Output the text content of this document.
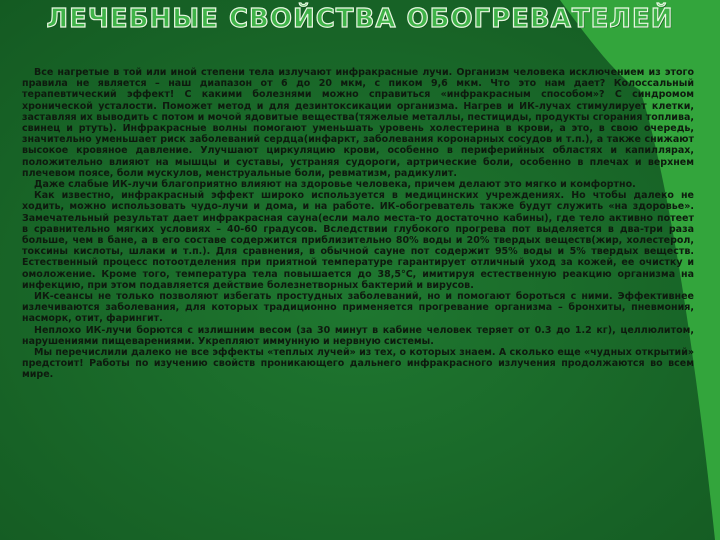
ЛЕЧЕБНЫЕ СВОЙСТВА ОБОГРЕВАТЕЛЕЙ

Все нагретые в той или иной степени тела излучают инфракрасные лучи. Организм человека исключением из этого правила не является – наш диапазон от 6 до 20 мкм, с пиком 9,6 мкм. Что это нам дает? Колоссальный терапевтический эффект! С какими болезнями можно справиться «инфракрасным способом»? С синдромом хронической усталости. Поможет метод и для дезинтоксикации организма. Нагрев и ИК-лучах стимулирует клетки, заставляя их выводить с потом и мочой ядовитые вещества(тяжелые металлы, пестициды, продукты сгорания топлива, свинец и ртуть). Инфракрасные волны помогают уменьшать уровень холестерина в крови, а это, в свою очередь, значительно уменьшает риск заболеваний сердца(инфаркт, заболевания коронарных сосудов и т.п.), а также снижают высокое кровяное давление. Улучшают циркуляцию крови, особенно в периферийных областях и капиллярах, положительно влияют на мышцы и суставы, устраняя судороги, артрические боли, особенно в плечах и верхнем плечевом поясе, боли мускулов, менструальные боли, ревматизм, радикулит.

Даже слабые ИК-лучи благоприятно влияют на здоровье человека, причем делают это мягко и комфортно.

Как известно, инфракрасный эффект широко используется в медицинских учреждениях. Но чтобы далеко не ходить, можно использовать чудо-лучи и дома, и на работе. ИК-обогреватель также будут служить «на здоровье». Замечательный результат дает инфракрасная сауна(если мало места-то достаточно кабины), где тело активно потеет в сравнительно мягких условиях – 40-60 градусов. Вследствии глубокого прогрева пот выделяется в два-три раза больше, чем в бане, а в его составе содержится приблизительно 80% воды и 20% твердых веществ(жир, холестерол, токсины кислоты, шлаки и т.п.). Для сравнения, в обычной сауне пот содержит 95% воды и 5% твердых веществ. Естественный процесс потоотделения при приятной температуре гарантирует отличный уход за кожей, ее очистку и омоложение. Кроме того, температура тела повышается до 38,5°С, имитируя естественную реакцию организма на инфекцию, при этом подавляется действие болезнетворных бактерий и вирусов.

ИК-сеансы не только позволяют избегать простудных заболеваний, но и помогают бороться с ними. Эффективнее излечиваются заболевания, для которых традиционно применяется прогревание организма – бронхиты, пневмония, насморк, отит, фарингит.

Неплохо ИК-лучи борются с излишним весом (за 30 минут в кабине человек теряет от 0.3 до 1.2 кг), целлюлитом, нарушениями пищеварениями. Укрепляют иммунную и нервную системы.

Мы перечислили далеко не все эффекты «теплых лучей» из тех, о которых знаем. А сколько еще «чудных открытий» предстоит! Работы по изучению свойств проникающего дальнего инфракрасного излучения продолжаются во всем мире.
